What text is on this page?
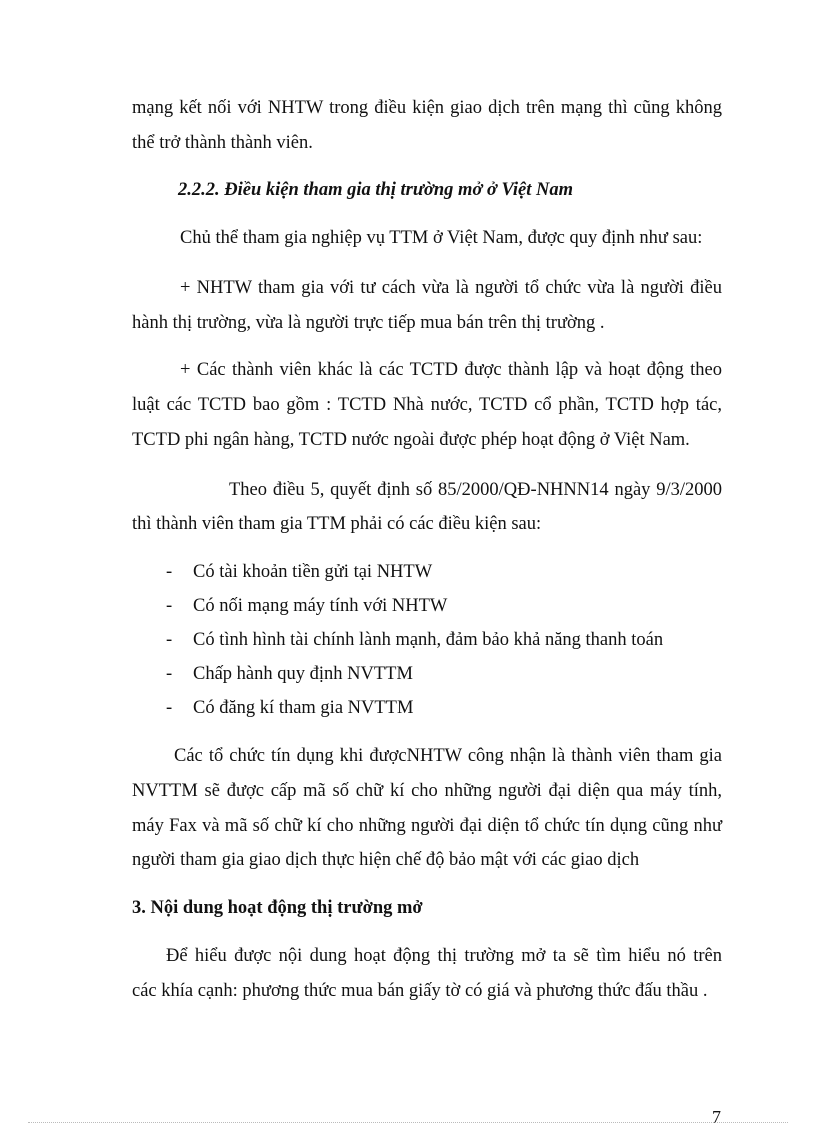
mạng kết nối với NHTW trong điều kiện giao dịch trên mạng thì cũng không
thể trở thành thành viên.
2.2.2. Điều kiện tham gia thị trường mở ở Việt Nam
Chủ thể tham gia nghiệp vụ TTM ở Việt Nam, được quy định như sau:
+ NHTW tham gia với tư cách vừa là người tổ chức vừa là người điều
hành thị trường, vừa là người trực tiếp mua bán trên thị trường .
+ Các thành viên khác là các TCTD được thành lập và hoạt động theo
luật các TCTD bao gồm : TCTD Nhà nước, TCTD cổ phần, TCTD hợp tác,
TCTD phi ngân hàng, TCTD nước ngoài được phép hoạt động ở Việt Nam.
Theo điều 5, quyết định số 85/2000/QĐ-NHNN14 ngày 9/3/2000
thì thành viên tham gia TTM phải có các điều kiện sau:
- Có tài khoản tiền gửi tại NHTW
- Có nối mạng máy tính với NHTW
- Có tình hình tài chính lành mạnh, đảm bảo khả năng thanh toán
- Chấp hành quy định NVTTM
- Có đăng kí tham gia NVTTM
Các tổ chức tín dụng khi đượcNHTW công nhận là thành viên tham gia
NVTTM sẽ được cấp mã số chữ kí cho những người đại diện qua máy tính,
máy Fax và mã số chữ kí cho những người đại diện tổ chức tín dụng cũng như
người tham gia giao dịch thực hiện chế độ bảo mật với các giao dịch
3. Nội dung hoạt động thị trường mở
Để hiểu được nội dung hoạt động thị trường mở ta sẽ tìm hiểu nó trên
các khía cạnh: phương thức mua bán giấy tờ có giá và phương thức đấu thầu .
7
